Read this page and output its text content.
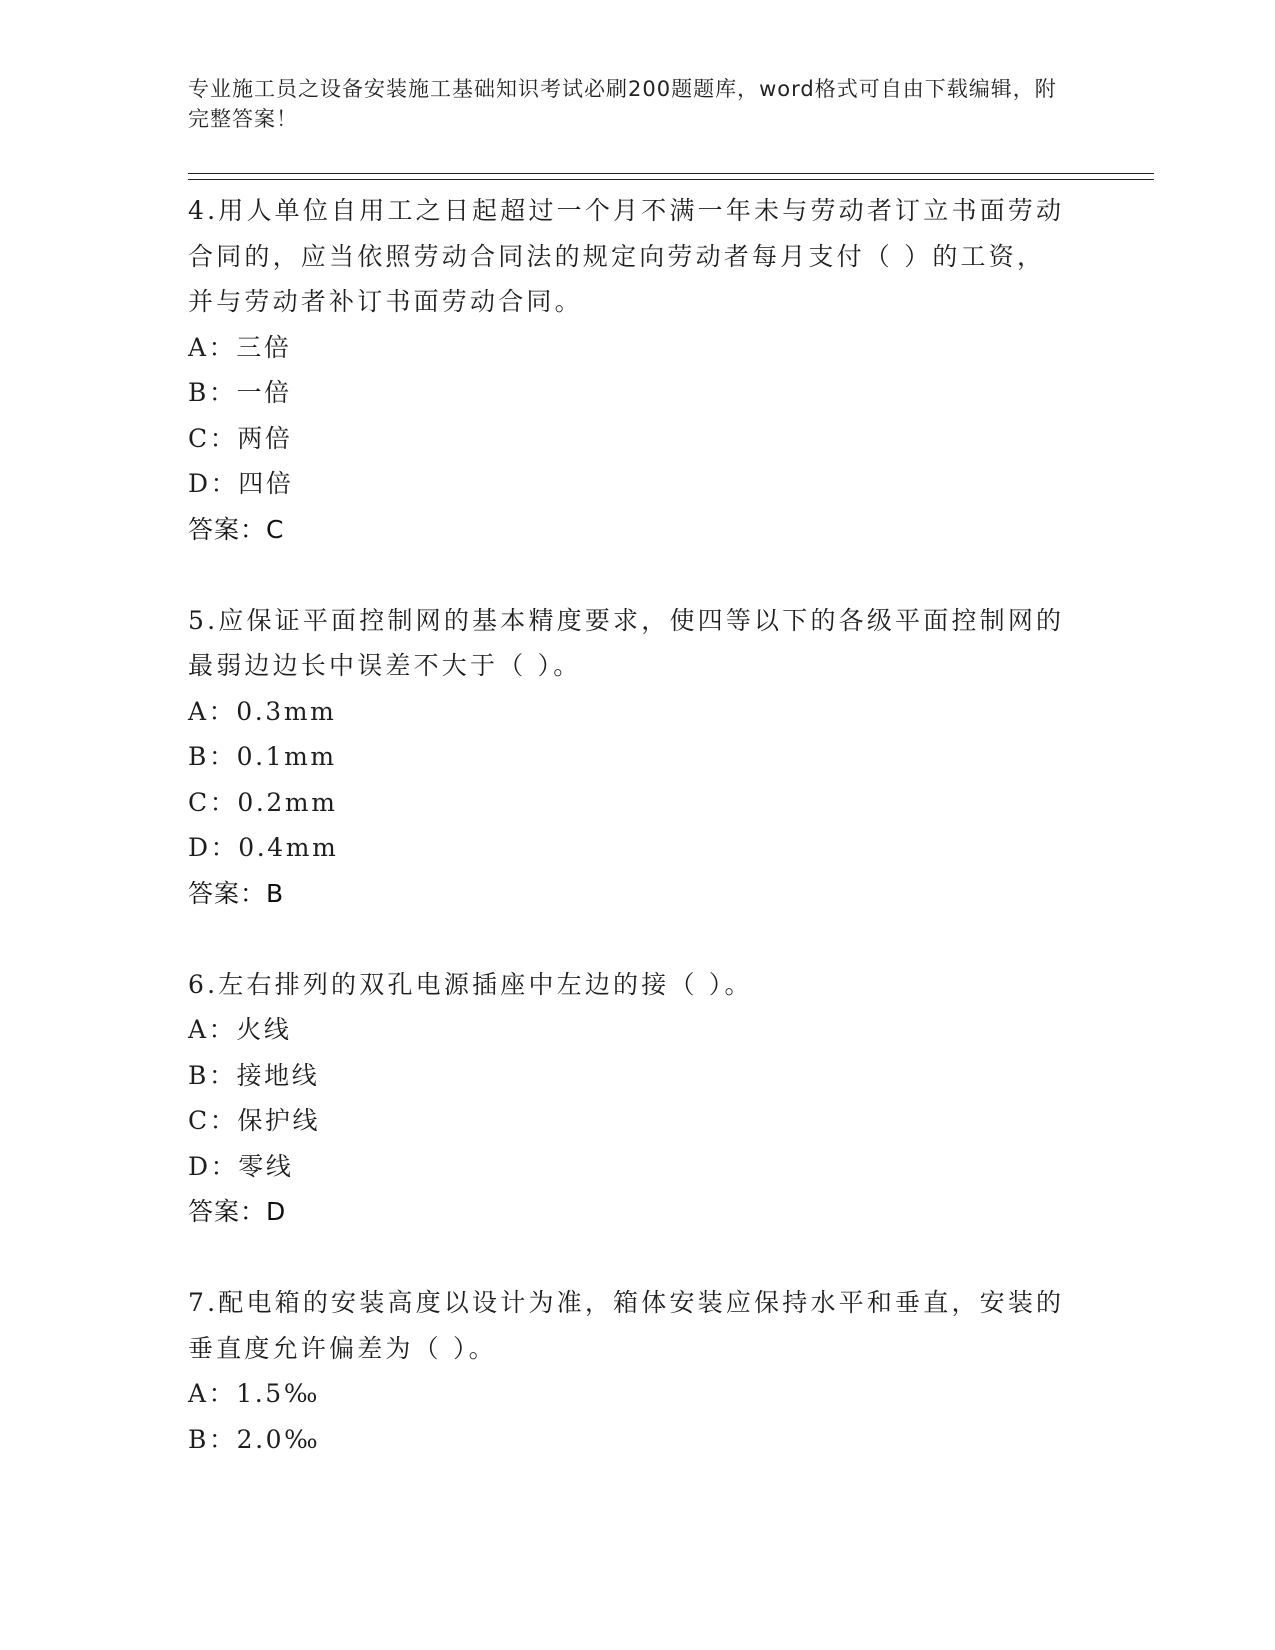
专业施工员之设备安装施工基础知识考试必刷200题题库，word格式可自由下载编辑，附完整答案！

4.用人单位自用工之日起超过一个月不满一年未与劳动者订立书面劳动合同的，应当依照劳动合同法的规定向劳动者每月支付（ ）的工资，并与劳动者补订书面劳动合同。

A：三倍

B：一倍

C：两倍

D：四倍

答案：C

5.应保证平面控制网的基本精度要求，使四等以下的各级平面控制网的最弱边边长中误差不大于（ ）。

A：0.3mm

B：0.1mm

C：0.2mm

D：0.4mm

答案：B

6.左右排列的双孔电源插座中左边的接（ ）。

A：火线

B：接地线

C：保护线

D：零线

答案：D

7.配电箱的安装高度以设计为准，箱体安装应保持水平和垂直，安装的垂直度允许偏差为（ ）。

A：1.5‰

B：2.0‰
